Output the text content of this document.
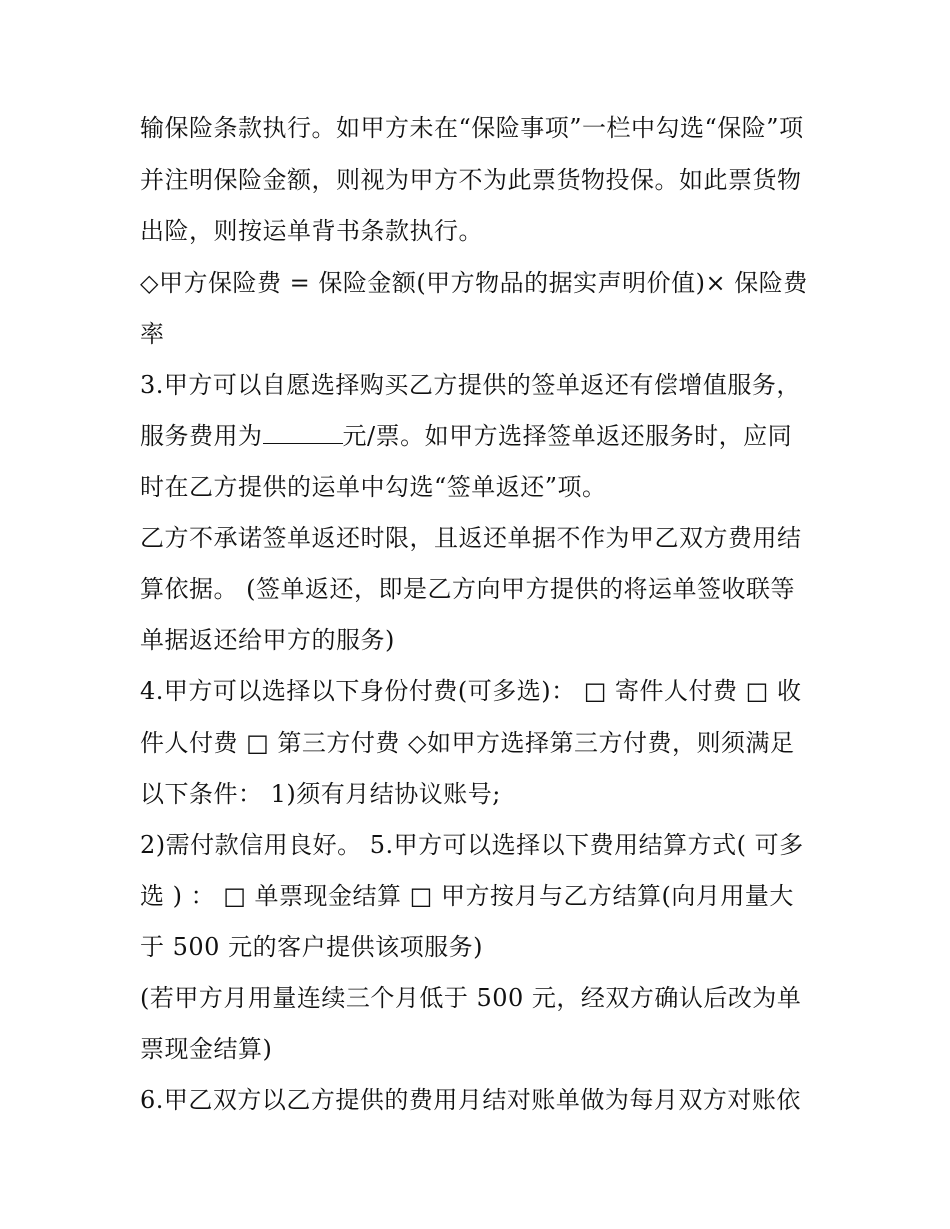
输保险条款执行。如甲方未在“保险事项”一栏中勾选“保险”项
并注明保险金额，则视为甲方不为此票货物投保。如此票货物
出险，则按运单背书条款执行。
◇甲方保险费 = 保险金额(甲方物品的据实声明价值)× 保险费
率
3.甲方可以自愿选择购买乙方提供的签单返还有偿增值服务，
服务费用为	元/票。如甲方选择签单返还服务时，应同
时在乙方提供的运单中勾选“签单返还”项。
乙方不承诺签单返还时限，且返还单据不作为甲乙双方费用结
算依据。 (签单返还，即是乙方向甲方提供的将运单签收联等
单据返还给甲方的服务)
4.甲方可以选择以下身份付费(可多选)： □ 寄件人付费 □ 收
件人付费 □ 第三方付费 ◇如甲方选择第三方付费，则须满足
以下条件： 1)须有月结协议账号;
2)需付款信用良好。 5.甲方可以选择以下费用结算方式( 可多
选 ) ： □ 单票现金结算 □ 甲方按月与乙方结算(向月用量大
于 500 元的客户提供该项服务)
(若甲方月用量连续三个月低于 500 元，经双方确认后改为单
票现金结算)
6.甲乙双方以乙方提供的费用月结对账单做为每月双方对账依
